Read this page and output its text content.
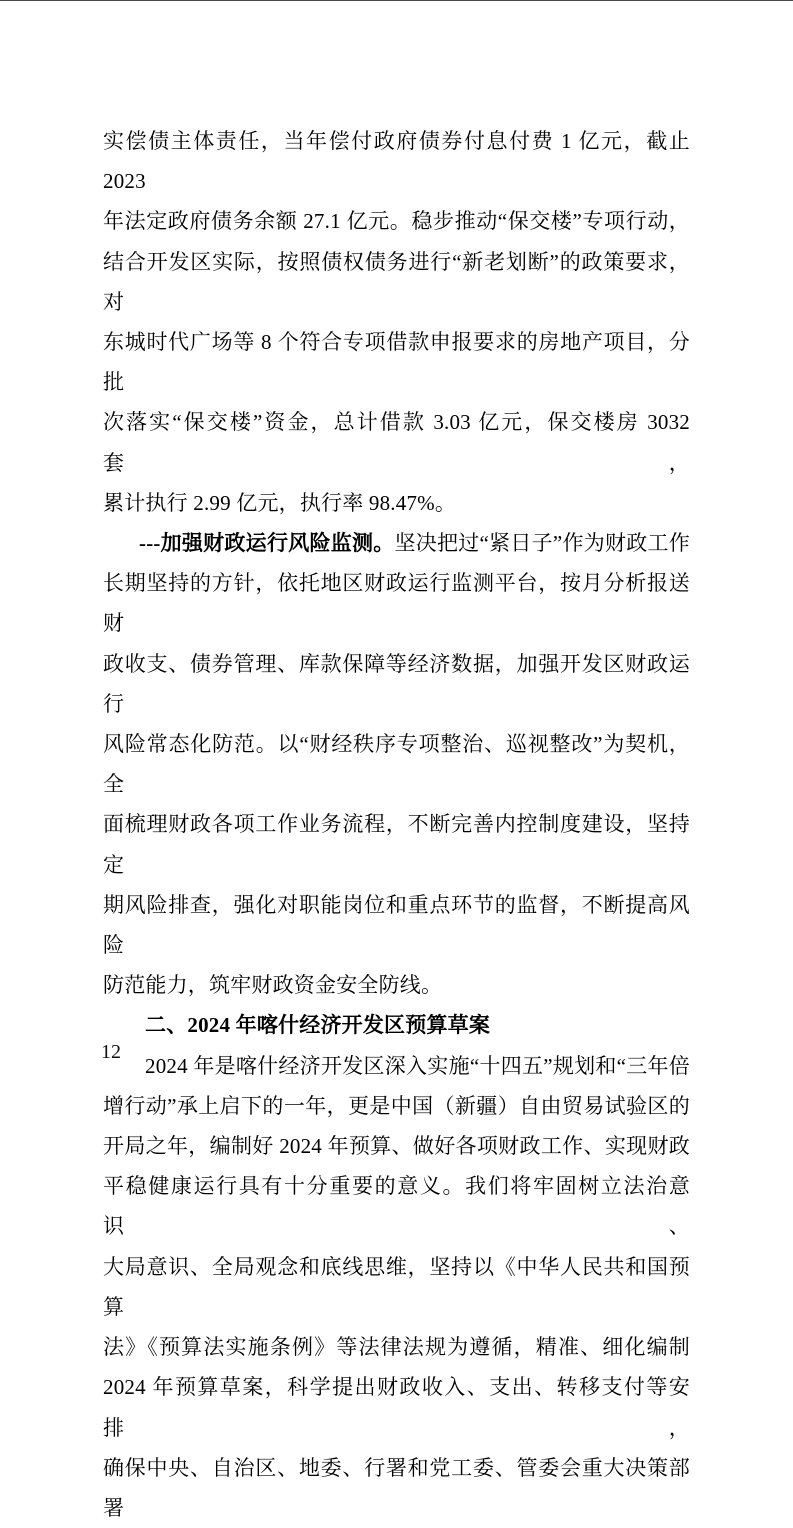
实偿债主体责任，当年偿付政府债券付息付费 1 亿元，截止 2023
年法定政府债务余额 27.1 亿元。稳步推动“保交楼”专项行动，
结合开发区实际，按照债权债务进行“新老划断”的政策要求，对
东城时代广场等 8 个符合专项借款申报要求的房地产项目，分批
次落实“保交楼”资金，总计借款 3.03 亿元，保交楼房 3032 套，
累计执行 2.99 亿元，执行率 98.47%。
---加强财政运行风险监测。坚决把过“紧日子”作为财政工作
长期坚持的方针，依托地区财政运行监测平台，按月分析报送财
政收支、债券管理、库款保障等经济数据，加强开发区财政运行
风险常态化防范。以“财经秩序专项整治、巡视整改”为契机，全
面梳理财政各项工作业务流程，不断完善内控制度建设，坚持定
期风险排查，强化对职能岗位和重点环节的监督，不断提高风险
防范能力，筑牢财政资金安全防线。
二、2024 年喀什经济开发区预算草案
2024 年是喀什经济开发区深入实施“十四五”规划和“三年倍
增行动”承上启下的一年，更是中国（新疆）自由贸易试验区的
开局之年，编制好 2024 年预算、做好各项财政工作、实现财政
平稳健康运行具有十分重要的意义。我们将牢固树立法治意识、
大局意识、全局观念和底线思维，坚持以《中华人民共和国预算
法》《预算法实施条例》等法律法规为遵循，精准、细化编制
2024 年预算草案，科学提出财政收入、支出、转移支付等安排，
确保中央、自治区、地委、行署和党工委、管委会重大决策部署
12
